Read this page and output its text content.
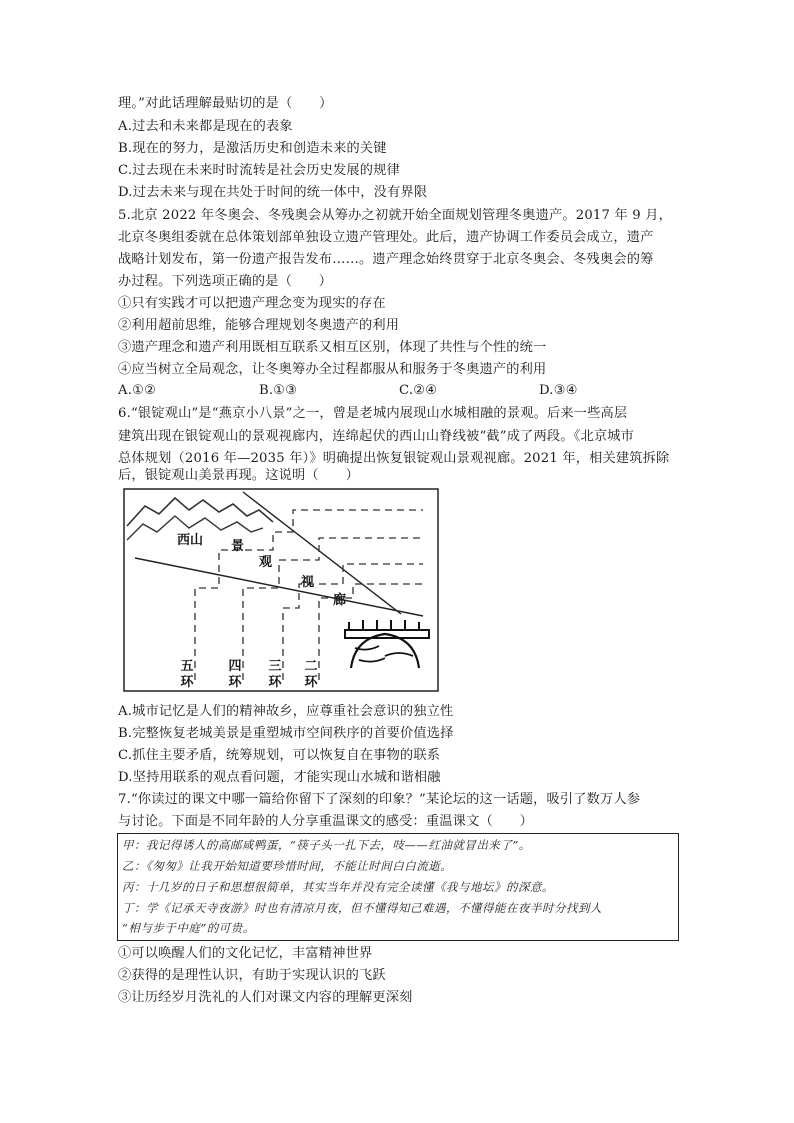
理。”对此话理解最贴切的是（　　）
A.过去和未来都是现在的表象
B.现在的努力，是激活历史和创造未来的关键
C.过去现在未来时时流转是社会历史发展的规律
D.过去未来与现在共处于时间的统一体中，没有界限
5.北京 2022 年冬奥会、冬残奥会从筹办之初就开始全面规划管理冬奥遗产。2017 年 9 月，
北京冬奥组委就在总体策划部单独设立遗产管理处。此后，遗产协调工作委员会成立，遗产
战略计划发布，第一份遗产报告发布……。遗产理念始终贯穿于北京冬奥会、冬残奥会的筹
办过程。下列选项正确的是（　　）
①只有实践才可以把遗产理念变为现实的存在
②利用超前思维，能够合理规划冬奥遗产的利用
③遗产理念和遗产利用既相互联系又相互区别，体现了共性与个性的统一
④应当树立全局观念，让冬奥筹办全过程都服从和服务于冬奥遗产的利用
A.①②	B.①③	C.②④	D.③④
6.“银锭观山”是“燕京小八景”之一，曾是老城内展现山水城相融的景观。后来一些高层
建筑出现在银锭观山的景观视廊内，连绵起伏的西山山脊线被“截”成了两段。《北京城市
总体规划（2016 年—2035 年）》明确提出恢复银锭观山景观视廊。2021 年，相关建筑拆除
后，银锭观山美景再现。这说明（　　）
西山 景
观
视
廊
五环
四环
三环
二环
A.城市记忆是人们的精神故乡，应尊重社会意识的独立性
B.完整恢复老城美景是重塑城市空间秩序的首要价值选择
C.抓住主要矛盾，统筹规划，可以恢复自在事物的联系
D.坚持用联系的观点看问题，才能实现山水城和谐相融
7.“你读过的课文中哪一篇给你留下了深刻的印象？”某论坛的这一话题，吸引了数万人参
与讨论。下面是不同年龄的人分享重温课文的感受：重温课文（　　）
甲：我记得诱人的高邮咸鸭蛋，“筷子头一扎下去，吱——红油就冒出来了”。
乙：《匆匆》让我开始知道要珍惜时间，不能让时间白白流逝。
丙：十几岁的日子和思想很简单，其实当年并没有完全读懂《我与地坛》的深意。
丁：学《记承天寺夜游》时也有清凉月夜，但不懂得知己难遇，不懂得能在夜半时分找到人
“相与步于中庭”的可贵。
①可以唤醒人们的文化记忆，丰富精神世界
②获得的是理性认识，有助于实现认识的飞跃
③让历经岁月洗礼的人们对课文内容的理解更深刻
